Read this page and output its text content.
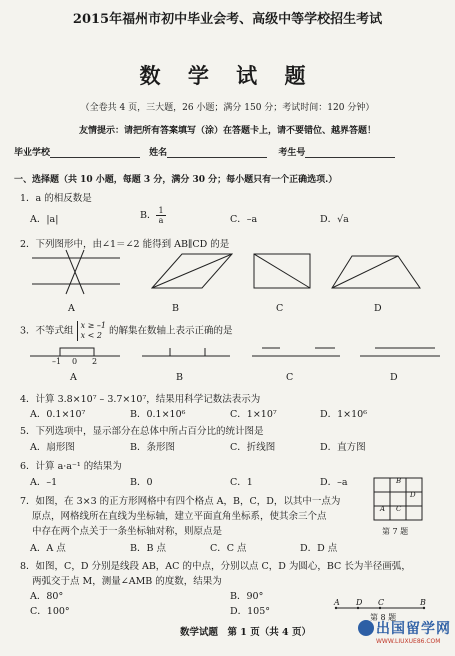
2015年福州市初中毕业会考、高级中等学校招生考试
数 学 试 题
（全卷共 4 页，三大题，26 小题；满分 150 分；考试时间：120 分钟）
友情提示：请把所有答案填写（涂）在答题卡上，请不要错位、越界答题！
毕业学校	姓名	考生号
一、选择题（共 10 小题，每题 3 分，满分 30 分；每小题只有一个正确选项.）
1．a 的相反数是
A．|a|	B． $\frac{1}{a}$	C．–a	D．√a
2．下列图形中，由∠1＝∠2 能得到 AB∥CD 的是
A	B	C	D
3．不等式组 x ≥ –1
x < 2 的解集在数轴上表示正确的是
–1 0 2
A	B	C	D
4．计算 3.8×10⁷ – 3.7×10⁷，结果用科学记数法表示为
A．0.1×10⁷	B．0.1×10⁶	C．1×10⁷	D．1×10⁶
5．下列选项中，显示部分在总体中所占百分比的统计图是
A．扇形图	B．条形图	C．折线图	D．直方图
6．计算 a·a⁻¹ 的结果为
A．–1	B．0	C．1	D．–a
7．如图，在 3×3 的正方形网格中有四个格点 A，B，C，D，以其中一点为
原点，网格线所在直线为坐标轴，建立平面直角坐标系，使其余三个点
中存在两个点关于一条坐标轴对称，则原点是
A．A 点	B．B 点	C．C 点	D．D 点
B
D
A C
第 7 题
8．如图，C，D 分别是线段 AB，AC 的中点，分别以点 C，D 为圆心，BC 长为半径画弧，
两弧交于点 M，测量∠AMB 的度数，结果为
A．80°	B．90°
C．100°	D．105°
A D C	B
第 8 题
数学试题　第 1 页（共 4 页）	出国留学网
WWW.LIUXUE86.COM
